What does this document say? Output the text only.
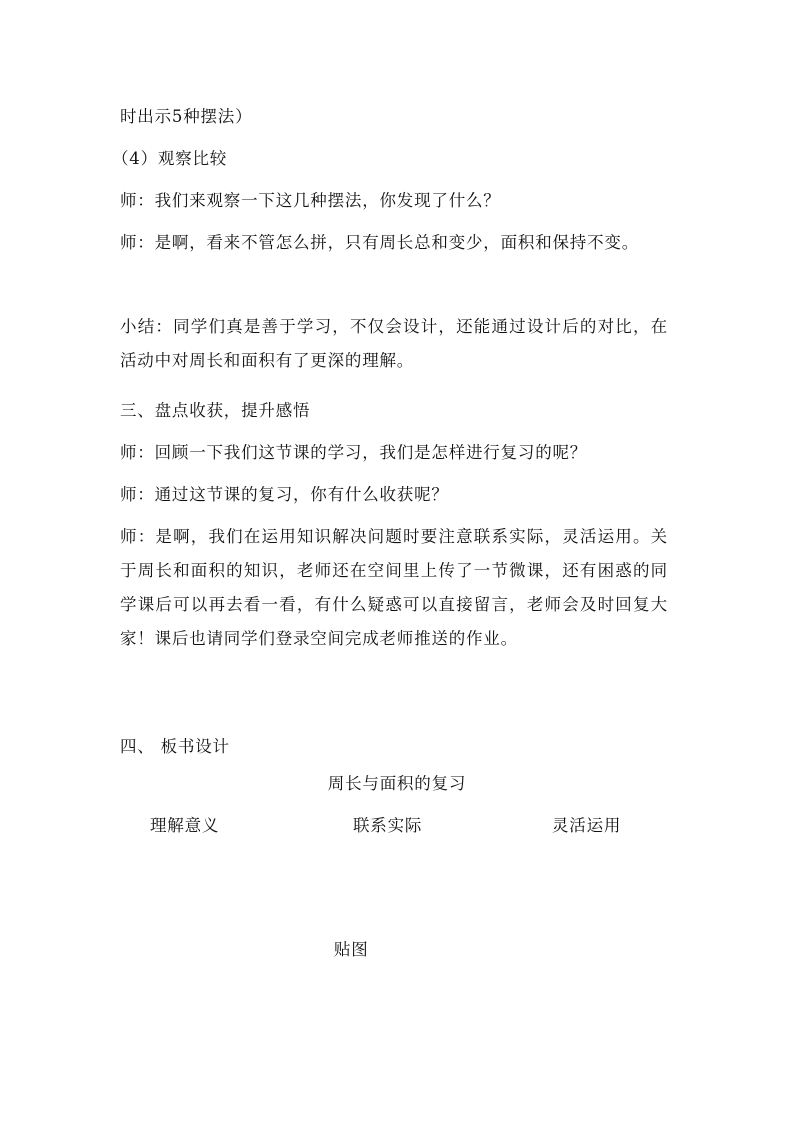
时出示5种摆法）

（4）观察比较

师：我们来观察一下这几种摆法，你发现了什么？

师：是啊，看来不管怎么拼，只有周长总和变少，面积和保持不变。

小结：同学们真是善于学习，不仅会设计，还能通过设计后的对比，在活动中对周长和面积有了更深的理解。

三、盘点收获，提升感悟

师：回顾一下我们这节课的学习，我们是怎样进行复习的呢？

师：通过这节课的复习，你有什么收获呢？

师：是啊，我们在运用知识解决问题时要注意联系实际，灵活运用。关于周长和面积的知识，老师还在空间里上传了一节微课，还有困惑的同学课后可以再去看一看，有什么疑惑可以直接留言，老师会及时回复大家！课后也请同学们登录空间完成老师推送的作业。

四、 板书设计

周长与面积的复习

理解意义	联系实际	灵活运用

贴图
